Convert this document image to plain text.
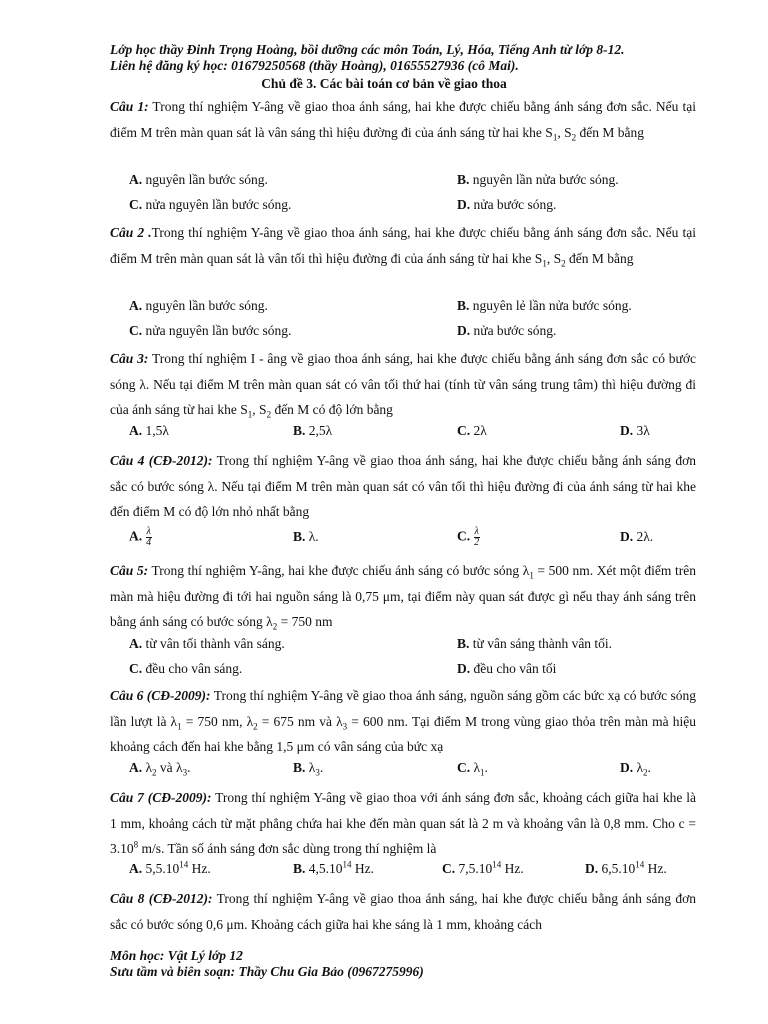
Lớp học thầy Đinh Trọng Hoàng, bồi dưỡng các môn Toán, Lý, Hóa, Tiếng Anh từ lớp 8-12.
Liên hệ đăng ký học: 01679250568 (thầy Hoàng), 01655527936 (cô Mai).
Chủ đề 3. Các bài toán cơ bản về giao thoa
Câu 1: Trong thí nghiệm Y-âng về giao thoa ánh sáng, hai khe được chiếu bằng ánh sáng đơn sắc. Nếu tại điểm M trên màn quan sát là vân sáng thì hiệu đường đi của ánh sáng từ hai khe $S_1$, $S_2$ đến M bằng
A. nguyên lần bước sóng.	B. nguyên lần nửa bước sóng.
C. nửa nguyên lần bước sóng.	D. nửa bước sóng.
Câu 2 .Trong thí nghiệm Y-âng về giao thoa ánh sáng, hai khe được chiếu bằng ánh sáng đơn sắc. Nếu tại điểm M trên màn quan sát là vân tối thì hiệu đường đi của ánh sáng từ hai khe $S_1$, $S_2$ đến M bằng
A. nguyên lần bước sóng.	B. nguyên lẻ lần nửa bước sóng.
C. nửa nguyên lần bước sóng.	D. nửa bước sóng.
Câu 3: Trong thí nghiệm I - âng về giao thoa ánh sáng, hai khe được chiếu bằng ánh sáng đơn sắc có bước sóng λ. Nếu tại điểm M trên màn quan sát có vân tối thứ hai (tính từ vân sáng trung tâm) thì hiệu đường đi của ánh sáng từ hai khe $S_1$, $S_2$ đến M có độ lớn bằng
A. 1,5λ	B. 2,5λ	C. 2λ	D. 3λ
Câu 4 (CĐ-2012): Trong thí nghiệm Y-âng về giao thoa ánh sáng, hai khe được chiếu bằng ánh sáng đơn sắc có bước sóng λ. Nếu tại điểm M trên màn quan sát có vân tối thì hiệu đường đi của ánh sáng từ hai khe đến điểm M có độ lớn nhỏ nhất bằng
A. $\frac{\lambda}{4}$	B. λ.	C. $\frac{\lambda}{2}$	D. 2λ.
Câu 5: Trong thí nghiệm Y-âng, hai khe được chiếu ánh sáng có bước sóng $\lambda_1 = 500$ nm. Xét một điểm trên màn mà hiệu đường đi tới hai nguồn sáng là 0,75 μm, tại điểm này quan sát được gì nếu thay ánh sáng trên bằng ánh sáng có bước sóng $\lambda_2 = 750$ nm
A. từ vân tối thành vân sáng.	B. từ vân sáng thành vân tối.
C. đều cho vân sáng.	D. đều cho vân tối
Câu 6 (CĐ-2009): Trong thí nghiệm Y-âng về giao thoa ánh sáng, nguồn sáng gồm các bức xạ có bước sóng lần lượt là $\lambda_1 = 750$ nm, $\lambda_2 = 675$ nm và $\lambda_3 = 600$ nm. Tại điểm M trong vùng giao thỏa trên màn mà hiệu khoảng cách đến hai khe bằng 1,5 μm có vân sáng của bức xạ
A. $\lambda_2$ và $\lambda_3$.	B. $\lambda_3$.	C. $\lambda_1$.	D. $\lambda_2$.
Câu 7 (CĐ-2009): Trong thí nghiệm Y-âng về giao thoa với ánh sáng đơn sắc, khoảng cách giữa hai khe là 1 mm, khoảng cách từ mặt phẳng chứa hai khe đến màn quan sát là 2 m và khoảng vân là 0,8 mm. Cho $c = 3.10^8$ m/s. Tần số ánh sáng đơn sắc dùng trong thí nghiệm là
A. 5,5.10$^{14}$ Hz.	B. 4,5.10$^{14}$ Hz.	C. 7,5.10$^{14}$ Hz.	D. 6,5.10$^{14}$ Hz.
Câu 8 (CĐ-2012): Trong thí nghiệm Y-âng về giao thoa ánh sáng, hai khe được chiếu bằng ánh sáng đơn sắc có bước sóng 0,6 μm. Khoảng cách giữa hai khe sáng là 1 mm, khoảng cách
Môn học: Vật Lý lớp 12
Sưu tầm và biên soạn: Thầy Chu Gia Bảo (0967275996)
